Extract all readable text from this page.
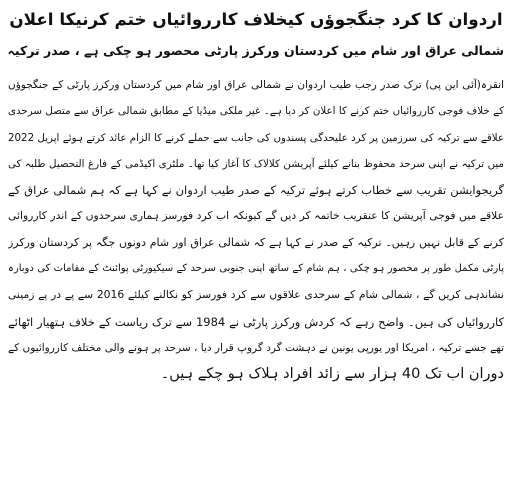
اردوان کا کرد جنگجوؤں کیخلاف کارروائیاں ختم کرنیکا اعلان
شمالی عراق اور شام میں کردستان ورکرز پارٹی محصور ہو چکی ہے ، صدر ترکیہ
انقرہ(آئی این پی) ترک صدر رجب طیب اردوان نے شمالی عراق اور شام میں کردستان ورکرز پارٹی کے جنگجوؤں
کے خلاف فوجی کارروائیاں ختم کرنے کا اعلان کر دیا ہے۔ غیر ملکی میڈیا کے مطابق شمالی عراق سے متصل سرحدی
علاقے سے ترکیہ کی سرزمین پر کرد علیحدگی پسندوں کی جانب سے حملے کرنے کا الزام عائد کرتے ہوئے اپریل 2022
میں ترکیہ نے اپنی سرحد محفوظ بنانے کیلئے آپریشن کلالاک کا آغاز کیا تھا۔ ملٹری اکیڈمی کے فارغ التحصیل طلبہ کی
گریجوایشن تقریب سے خطاب کرتے ہوئے ترکیہ کے صدر طیب اردوان نے کہا ہے کہ ہم شمالی عراق کے
علاقے میں فوجی آپریشن کا عنقریب خاتمہ کر دیں گے کیونکہ اب کرد فورسز ہماری سرحدوں کے اندر کارروائی
کرنے کے قابل نہیں رہیں۔ ترکیہ کے صدر نے کہا ہے کہ شمالی عراق اور شام دونوں جگہ پر کردستان ورکرز
پارٹی مکمل طور پر محصور ہو چکی ، ہم شام کے ساتھ اپنی جنوبی سرحد کے سیکیورٹی پوائنٹ کے مقامات کی دوبارہ
نشاندہی کریں گے ، شمالی شام کے سرحدی علاقوں سے کرد فورسز کو نکالنے کیلئے 2016 سے پے در پے زمینی
کارروائیاں کی ہیں۔ واضح رہے کہ کردش ورکرز پارٹی نے 1984 سے ترک ریاست کے خلاف ہتھیار اٹھائے
تھے جسے ترکیہ ، امریکا اور یورپی یونین نے دہشت گرد گروپ قرار دیا ، سرحد پر ہونے والی مختلف کارروائیوں کے
دوران اب تک 40 ہزار سے زائد افراد ہلاک ہو چکے ہیں۔
